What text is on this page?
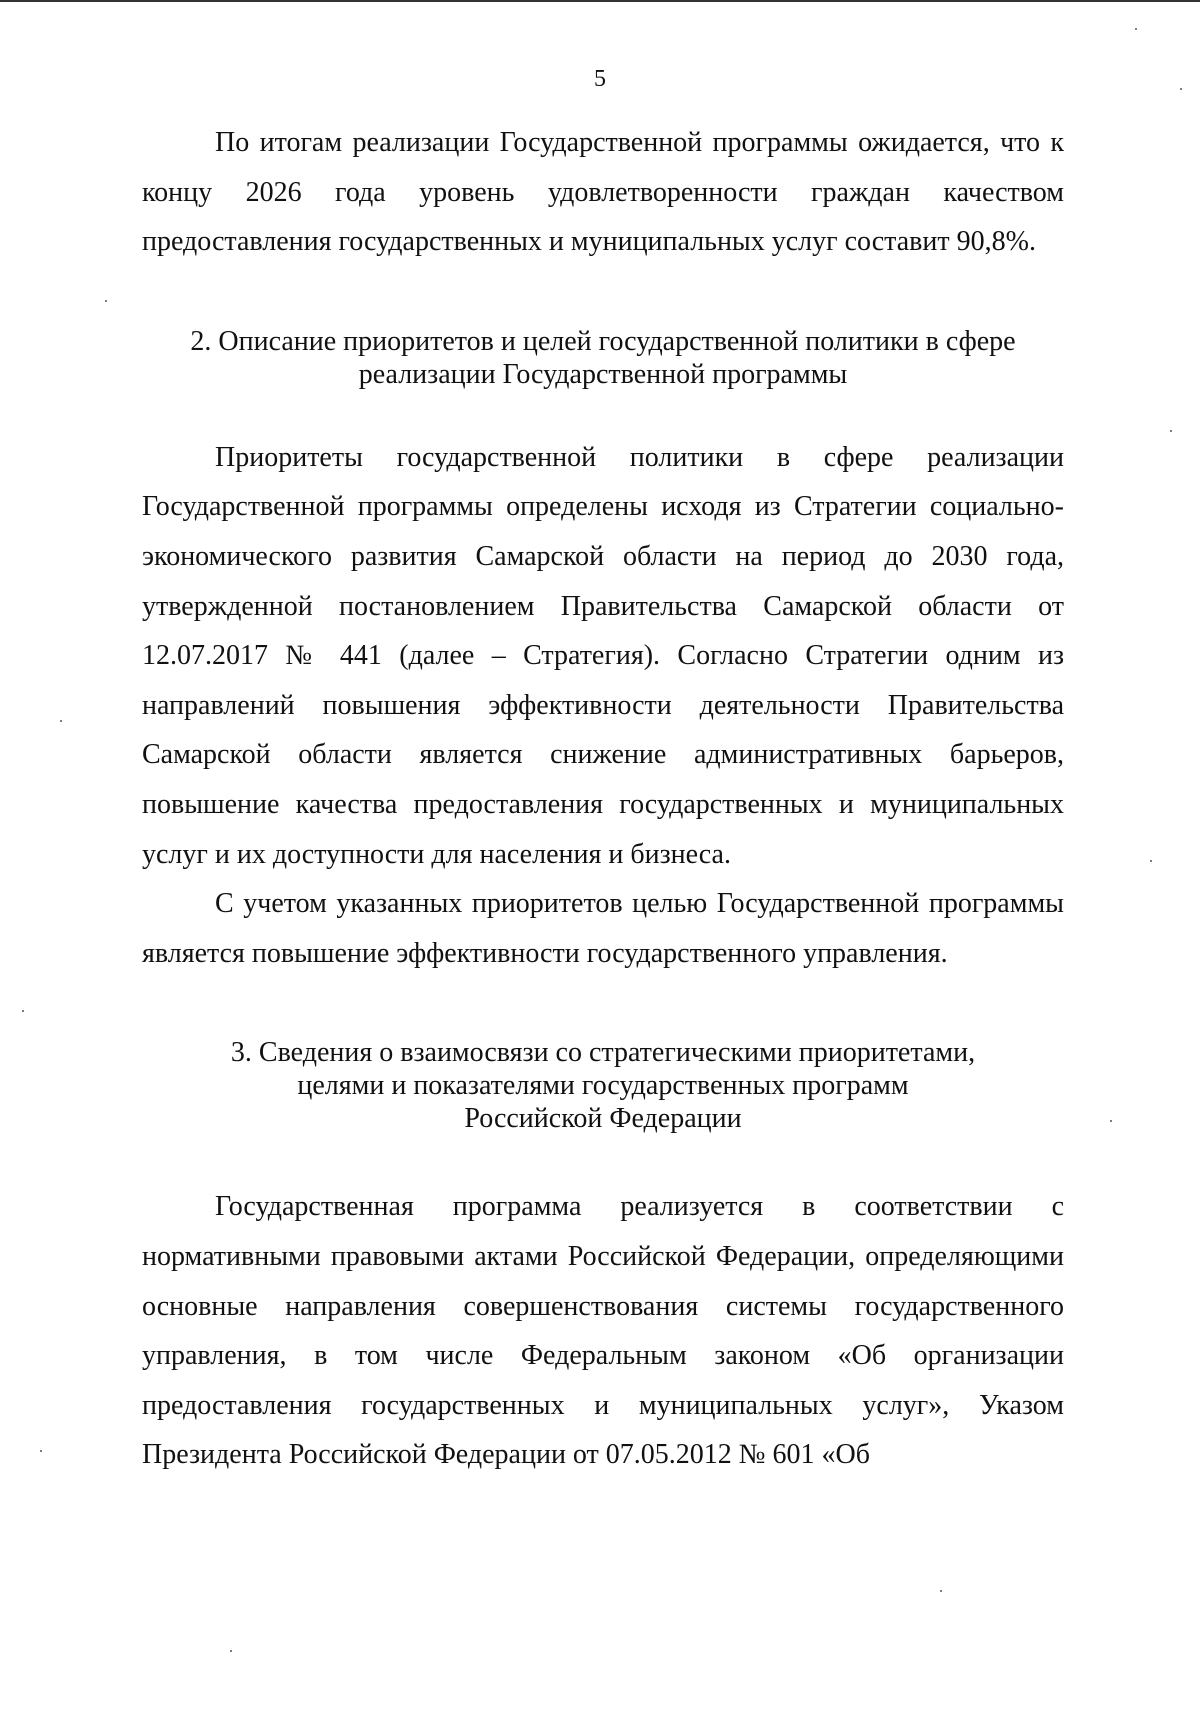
5

По итогам реализации Государственной программы ожидается, что к концу 2026 года уровень удовлетворенности граждан качеством предоставления государственных и муниципальных услуг составит 90,8%.

2. Описание приоритетов и целей государственной политики в сфере
реализации Государственной программы

Приоритеты государственной политики в сфере реализации Государственной программы определены исходя из Стратегии социально-экономического развития Самарской области на период до 2030 года, утвержденной постановлением Правительства Самарской области от 12.07.2017 № 441 (далее – Стратегия). Согласно Стратегии одним из направлений повышения эффективности деятельности Правительства Самарской области является снижение административных барьеров, повышение качества предоставления государственных и муниципальных услуг и их доступности для населения и бизнеса.

С учетом указанных приоритетов целью Государственной программы является повышение эффективности государственного управления.

3. Сведения о взаимосвязи со стратегическими приоритетами,
целями и показателями государственных программ
Российской Федерации

Государственная программа реализуется в соответствии с нормативными правовыми актами Российской Федерации, определяющими основные направления совершенствования системы государственного управления, в том числе Федеральным законом «Об организации предоставления государственных и муниципальных услуг», Указом Президента Российской Федерации от 07.05.2012 № 601 «Об
